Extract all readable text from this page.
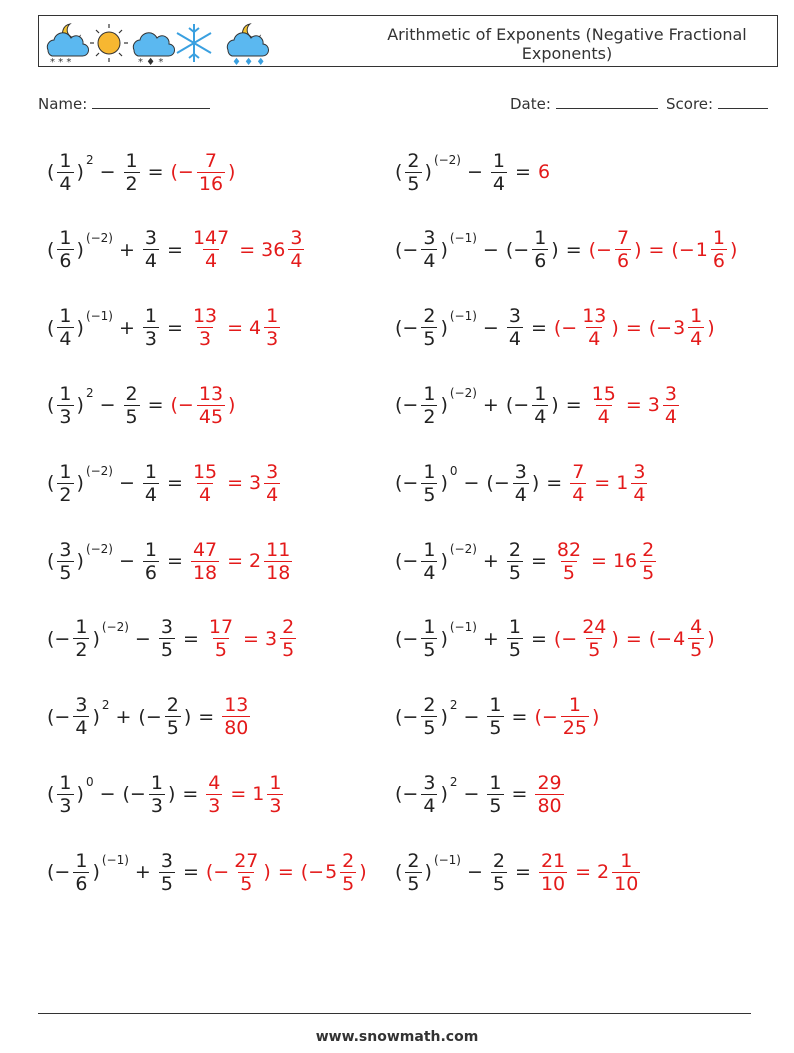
* * *	* ♦ *	♦ ♦ ♦
Arithmetic of Exponents (Negative Fractional Exponents)
Name:	Date:	Score:
( $\frac{1}{4}$ )
2
− $\frac{1}{2}$ = (− $\frac{7}{16}$ )	( $\frac{2}{5}$ )
(−2)
− $\frac{1}{4} = 6$
( $\frac{1}{6}$ )
(−2)
+ $\frac{3}{4} = \frac{147}{4} = 36 \frac{3}{4}$	(− $\frac{3}{4}$ )
(−1)
− (− $\frac{1}{6}$ ) = (− $\frac{7}{6}$ ) = (− $1 \frac{1}{6}$ )
( $\frac{1}{4}$ )
(−1)
+ $\frac{1}{3} = \frac{13}{3} = 4 \frac{1}{3}$	(− $\frac{2}{5}$ )
(−1)
− $\frac{3}{4}$ = (− $\frac{13}{4}$ ) = (− $3 \frac{1}{4}$ )
( $\frac{1}{3}$ )
2
− $\frac{2}{5}$ = (− $\frac{13}{45}$ )	(− $\frac{1}{2}$ )
(−2)
+ (− $\frac{1}{4}$ ) = $\frac{15}{4} = 3 \frac{3}{4}$
( $\frac{1}{2}$ )
(−2)
− $\frac{1}{4} = \frac{15}{4} = 3 \frac{3}{4}$	(− $\frac{1}{5}$ )
0
− (− $\frac{3}{4}$ ) = $\frac{7}{4} = 1 \frac{3}{4}$
( $\frac{3}{5}$ )
(−2)
− $\frac{1}{6} = \frac{47}{18} = 2 \frac{11}{18}$	(− $\frac{1}{4}$ )
(−2)
+ $\frac{2}{5} = \frac{82}{5} = 16 \frac{2}{5}$
(− $\frac{1}{2}$ )
(−2)
− $\frac{3}{5} = \frac{17}{5} = 3 \frac{2}{5}$	(− $\frac{1}{5}$ )
(−1)
+ $\frac{1}{5}$ = (− $\frac{24}{5}$ ) = (− $4 \frac{4}{5}$ )
(− $\frac{3}{4}$ )
2
+ (− $\frac{2}{5}$ ) = $\frac{13}{80}$	(− $\frac{2}{5}$ )
2
− $\frac{1}{5}$ = (− $\frac{1}{25}$ )
( $\frac{1}{3}$ )
0
− (− $\frac{1}{3}$ ) = $\frac{4}{3} = 1 \frac{1}{3}$	(− $\frac{3}{4}$ )
2
− $\frac{1}{5} = \frac{29}{80}$
(− $\frac{1}{6}$ )
(−1)
+ $\frac{3}{5}$ = (− $\frac{27}{5}$ ) = (− $5 \frac{2}{5}$ ) ( $\frac{2}{5}$ )
(−1)
− $\frac{2}{5} = \frac{21}{10} = 2 \frac{1}{10}$
www.snowmath.com
